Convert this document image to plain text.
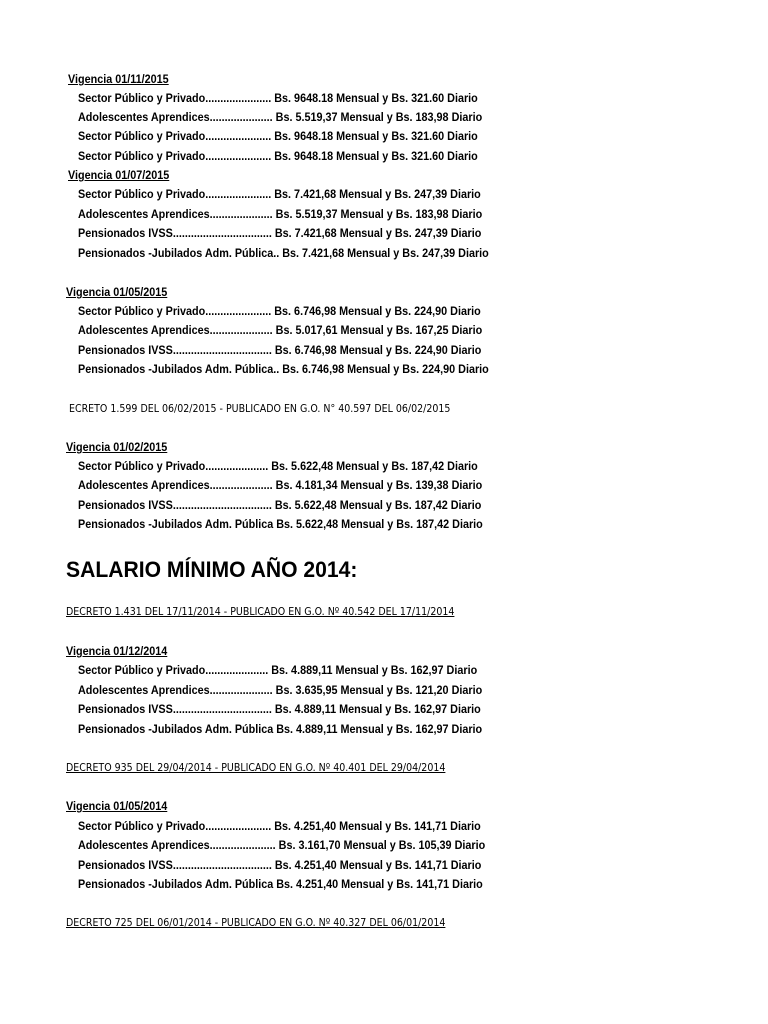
Vigencia 01/11/2015
Sector Público y Privado...................... Bs. 9648.18 Mensual y Bs. 321.60 Diario
Adolescentes Aprendices..................... Bs. 5.519,37 Mensual y Bs. 183,98 Diario
Sector Público y Privado...................... Bs. 9648.18 Mensual y Bs. 321.60 Diario
Sector Público y Privado...................... Bs. 9648.18 Mensual y Bs. 321.60 Diario
Vigencia 01/07/2015
Sector Público y Privado...................... Bs. 7.421,68 Mensual y Bs. 247,39 Diario
Adolescentes Aprendices..................... Bs. 5.519,37 Mensual y Bs. 183,98 Diario
Pensionados IVSS................................. Bs. 7.421,68 Mensual y Bs. 247,39 Diario
Pensionados -Jubilados Adm. Pública.. Bs. 7.421,68 Mensual y Bs. 247,39 Diario
Vigencia 01/05/2015
Sector Público y Privado...................... Bs. 6.746,98 Mensual y Bs. 224,90 Diario
Adolescentes Aprendices..................... Bs. 5.017,61 Mensual y Bs. 167,25 Diario
Pensionados IVSS................................. Bs. 6.746,98 Mensual y Bs. 224,90 Diario
Pensionados -Jubilados Adm. Pública.. Bs. 6.746,98 Mensual y Bs. 224,90 Diario
ECRETO 1.599 DEL 06/02/2015 - PUBLICADO EN G.O. N° 40.597 DEL 06/02/2015
Vigencia 01/02/2015
Sector Público y Privado..................... Bs. 5.622,48 Mensual y Bs. 187,42 Diario
Adolescentes Aprendices..................... Bs. 4.181,34 Mensual y Bs. 139,38 Diario
Pensionados IVSS................................. Bs. 5.622,48 Mensual y Bs. 187,42 Diario
Pensionados -Jubilados Adm. Pública Bs. 5.622,48 Mensual y Bs. 187,42 Diario
SALARIO MÍNIMO AÑO 2014:
DECRETO 1.431 DEL 17/11/2014 - PUBLICADO EN G.O. Nº 40.542 DEL 17/11/2014
Vigencia 01/12/2014
Sector Público y Privado..................... Bs. 4.889,11 Mensual y Bs. 162,97 Diario
Adolescentes Aprendices..................... Bs. 3.635,95 Mensual y Bs. 121,20 Diario
Pensionados IVSS................................. Bs. 4.889,11 Mensual y Bs. 162,97 Diario
Pensionados -Jubilados Adm. Pública Bs. 4.889,11 Mensual y Bs. 162,97 Diario
DECRETO 935 DEL 29/04/2014 - PUBLICADO EN G.O. Nº 40.401 DEL 29/04/2014
Vigencia 01/05/2014
Sector Público y Privado...................... Bs. 4.251,40 Mensual y Bs. 141,71 Diario
Adolescentes Aprendices...................... Bs. 3.161,70 Mensual y Bs. 105,39 Diario
Pensionados IVSS................................. Bs. 4.251,40 Mensual y Bs. 141,71 Diario
Pensionados -Jubilados Adm. Pública Bs. 4.251,40 Mensual y Bs. 141,71 Diario
DECRETO 725 DEL 06/01/2014 - PUBLICADO EN G.O. Nº 40.327 DEL 06/01/2014
